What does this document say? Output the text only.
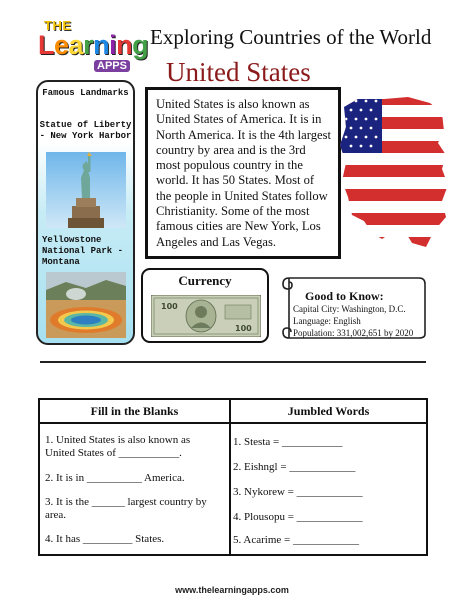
THE
Learning
APPS
Exploring Countries of the World
United States
Famous Landmarks
Statue of Liberty - New York Harbor
Yellowstone National Park - Montana
United States is also known as United States of America. It is in North America. It is the 4th largest country by area and is the 3rd most populous country in the world. It has 50 States. Most of the people in United States follow Christianity. Some of the most famous cities are New York, Los Angeles and Las Vegas.
Currency
100
100
Good to Know:
Capital City: Washington, D.C.
Language: English
Population: 331,002,651 by 2020
Fill in the Blanks	Jumbled Words
1. United States is also known as United States of ___________.
2. It is in __________ America.
3. It is the ______ largest country by area.
4. It has _________ States.
1. Stesta = ___________
2. Eishngl = ____________
3. Nykorew = ____________
4. Plousopu = ____________
5. Acarime = ____________
www.thelearningapps.com
